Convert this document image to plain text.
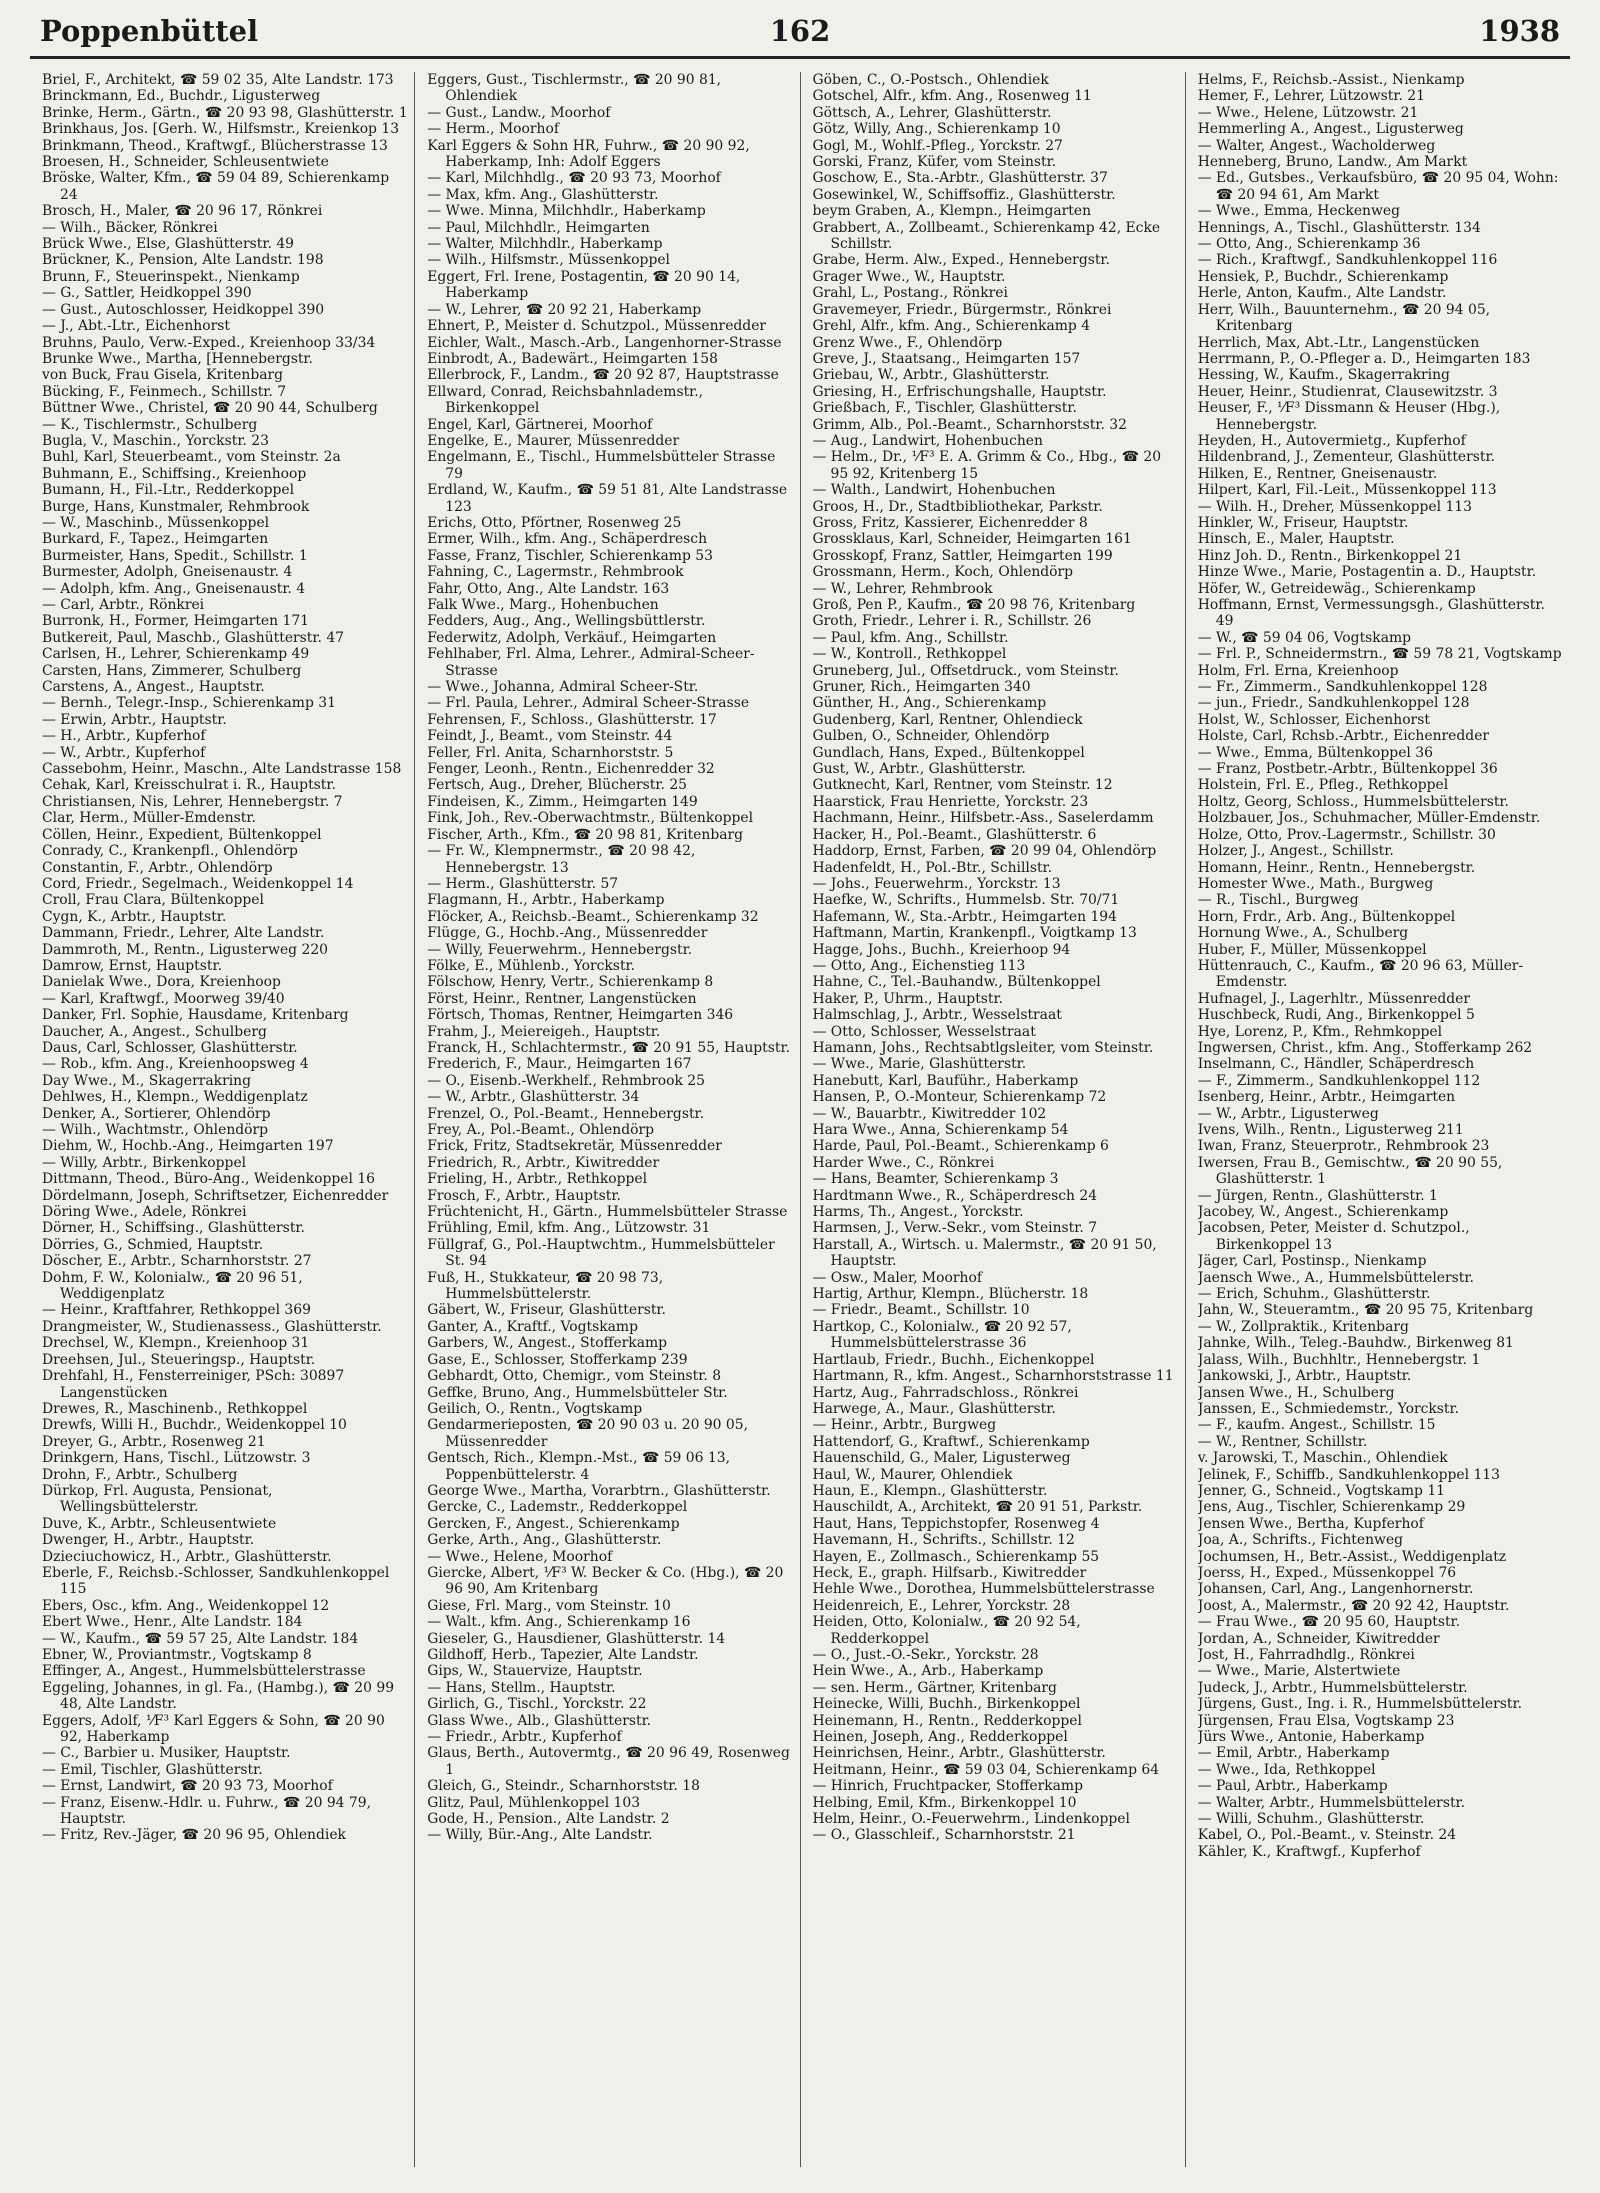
Poppenbüttel	162	1938
Briel, F., Architekt, ☎ 59 02 35, Alte Landstr. 173
Brinckmann, Ed., Buchdr., Ligusterweg
Brinke, Herm., Gärtn., ☎ 20 93 98, Glashütterstr. 1
Brinkhaus, Jos. [Gerh. W., Hilfsmstr., Kreienkop 13
Brinkmann, Theod., Kraftwgf., Blücherstrasse 13
Broesen, H., Schneider, Schleusentwiete
Bröske, Walter, Kfm., ☎ 59 04 89, Schierenkamp 24
Brosch, H., Maler, ☎ 20 96 17, Rönkrei
— Wilh., Bäcker, Rönkrei
Brück Wwe., Else, Glashütterstr. 49
Brückner, K., Pension, Alte Landstr. 198
Brunn, F., Steuerinspekt., Nienkamp
— G., Sattler, Heidkoppel 390
— Gust., Autoschlosser, Heidkoppel 390
— J., Abt.-Ltr., Eichenhorst
Bruhns, Paulo, Verw.-Exped., Kreienhoop 33/34
Brunke Wwe., Martha, [Hennebergstr.
von Buck, Frau Gisela, Kritenbarg
Bücking, F., Feinmech., Schillstr. 7
Büttner Wwe., Christel, ☎ 20 90 44, Schulberg
— K., Tischlermstr., Schulberg
Bugla, V., Maschin., Yorckstr. 23
Buhl, Karl, Steuerbeamt., vom Steinstr. 2a
Buhmann, E., Schiffsing., Kreienhoop
Bumann, H., Fil.-Ltr., Redderkoppel
Burge, Hans, Kunstmaler, Rehmbrook
— W., Maschinb., Müssenkoppel
Burkard, F., Tapez., Heimgarten
Burmeister, Hans, Spedit., Schillstr. 1
Burmester, Adolph, Gneisenaustr. 4
— Adolph, kfm. Ang., Gneisenaustr. 4
— Carl, Arbtr., Rönkrei
Burronk, H., Former, Heimgarten 171
Butkereit, Paul, Maschb., Glashütterstr. 47
Carlsen, H., Lehrer, Schierenkamp 49
Carsten, Hans, Zimmerer, Schulberg
Carstens, A., Angest., Hauptstr.
— Bernh., Telegr.-Insp., Schierenkamp 31
— Erwin, Arbtr., Hauptstr.
— H., Arbtr., Kupferhof
— W., Arbtr., Kupferhof
Cassebohm, Heinr., Maschn., Alte Landstrasse 158
Cehak, Karl, Kreisschulrat i. R., Hauptstr.
Christiansen, Nis, Lehrer, Hennebergstr. 7
Clar, Herm., Müller-Emdenstr.
Cöllen, Heinr., Expedient, Bültenkoppel
Conrady, C., Krankenpfl., Ohlendörp
Constantin, F., Arbtr., Ohlendörp
Cord, Friedr., Segelmach., Weidenkoppel 14
Croll, Frau Clara, Bültenkoppel
Cygn, K., Arbtr., Hauptstr.
Dammann, Friedr., Lehrer, Alte Landstr.
Dammroth, M., Rentn., Ligusterweg 220
Damrow, Ernst, Hauptstr.
Danielak Wwe., Dora, Kreienhoop
— Karl, Kraftwgf., Moorweg 39/40
Danker, Frl. Sophie, Hausdame, Kritenbarg
Daucher, A., Angest., Schulberg
Daus, Carl, Schlosser, Glashütterstr.
— Rob., kfm. Ang., Kreienhoopsweg 4
Day Wwe., M., Skagerrakring
Dehlwes, H., Klempn., Weddigenplatz
Denker, A., Sortierer, Ohlendörp
— Wilh., Wachtmstr., Ohlendörp
Diehm, W., Hochb.-Ang., Heimgarten 197
— Willy, Arbtr., Birkenkoppel
Dittmann, Theod., Büro-Ang., Weidenkoppel 16
Dördelmann, Joseph, Schriftsetzer, Eichenredder
Döring Wwe., Adele, Rönkrei
Dörner, H., Schiffsing., Glashütterstr.
Dörries, G., Schmied, Hauptstr.
Döscher, E., Arbtr., Scharnhorststr. 27
Dohm, F. W., Kolonialw., ☎ 20 96 51, Weddigenplatz
— Heinr., Kraftfahrer, Rethkoppel 369
Drangmeister, W., Studienassess., Glashütterstr.
Drechsel, W., Klempn., Kreienhoop 31
Dreehsen, Jul., Steueringsp., Hauptstr.
Drehfahl, H., Fensterreiniger, PSch: 30897 Langenstücken
Drewes, R., Maschinenb., Rethkoppel
Drewfs, Willi H., Buchdr., Weidenkoppel 10
Dreyer, G., Arbtr., Rosenweg 21
Drinkgern, Hans, Tischl., Lützowstr. 3
Drohn, F., Arbtr., Schulberg
Dürkop, Frl. Augusta, Pensionat, Wellingsbüttelerstr.
Duve, K., Arbtr., Schleusentwiete
Dwenger, H., Arbtr., Hauptstr.
Dzieciuchowicz, H., Arbtr., Glashütterstr.
Eberle, F., Reichsb.-Schlosser, Sandkuhlenkoppel 115
Ebers, Osc., kfm. Ang., Weidenkoppel 12
Ebert Wwe., Henr., Alte Landstr. 184
— W., Kaufm., ☎ 59 57 25, Alte Landstr. 184
Ebner, W., Proviantmstr., Vogtskamp 8
Effinger, A., Angest., Hummelsbüttelerstrasse
Eggeling, Johannes, in gl. Fa., (Hambg.), ☎ 20 99 48, Alte Landstr.
Eggers, Adolf, ⅟F³ Karl Eggers & Sohn, ☎ 20 90 92, Haberkamp
— C., Barbier u. Musiker, Hauptstr.
— Emil, Tischler, Glashütterstr.
— Ernst, Landwirt, ☎ 20 93 73, Moorhof
— Franz, Eisenw.-Hdlr. u. Fuhrw., ☎ 20 94 79, Hauptstr.
— Fritz, Rev.-Jäger, ☎ 20 96 95, Ohlendiek
Eggers, Gust., Tischlermstr., ☎ 20 90 81, Ohlendiek
— Gust., Landw., Moorhof
— Herm., Moorhof
Karl Eggers & Sohn HR, Fuhrw., ☎ 20 90 92, Haberkamp, Inh: Adolf Eggers
— Karl, Milchhdlg., ☎ 20 93 73, Moorhof
— Max, kfm. Ang., Glashütterstr.
— Wwe. Minna, Milchhdlr., Haberkamp
— Paul, Milchhdlr., Heimgarten
— Walter, Milchhdlr., Haberkamp
— Wilh., Hilfsmstr., Müssenkoppel
Eggert, Frl. Irene, Postagentin, ☎ 20 90 14, Haberkamp
— W., Lehrer, ☎ 20 92 21, Haberkamp
Ehnert, P., Meister d. Schutzpol., Müssenredder
Eichler, Walt., Masch.-Arb., Langenhorner-Strasse
Einbrodt, A., Badewärt., Heimgarten 158
Ellerbrock, F., Landm., ☎ 20 92 87, Hauptstrasse
Ellward, Conrad, Reichsbahnlademstr., Birkenkoppel
Engel, Karl, Gärtnerei, Moorhof
Engelke, E., Maurer, Müssenredder
Engelmann, E., Tischl., Hummelsbütteler Strasse 79
Erdland, W., Kaufm., ☎ 59 51 81, Alte Landstrasse 123
Erichs, Otto, Pförtner, Rosenweg 25
Ermer, Wilh., kfm. Ang., Schäperdresch
Fasse, Franz, Tischler, Schierenkamp 53
Fahning, C., Lagermstr., Rehmbrook
Fahr, Otto, Ang., Alte Landstr. 163
Falk Wwe., Marg., Hohenbuchen
Fedders, Aug., Ang., Wellingsbüttlerstr.
Federwitz, Adolph, Verkäuf., Heimgarten
Fehlhaber, Frl. Alma, Lehrer., Admiral-Scheer-Strasse
— Wwe., Johanna, Admiral Scheer-Str.
— Frl. Paula, Lehrer., Admiral Scheer-Strasse
Fehrensen, F., Schloss., Glashütterstr. 17
Feindt, J., Beamt., vom Steinstr. 44
Feller, Frl. Anita, Scharnhorststr. 5
Fenger, Leonh., Rentn., Eichenredder 32
Fertsch, Aug., Dreher, Blücherstr. 25
Findeisen, K., Zimm., Heimgarten 149
Fink, Joh., Rev.-Oberwachtmstr., Bültenkoppel
Fischer, Arth., Kfm., ☎ 20 98 81, Kritenbarg
— Fr. W., Klempnermstr., ☎ 20 98 42, Hennebergstr. 13
— Herm., Glashütterstr. 57
Flagmann, H., Arbtr., Haberkamp
Flöcker, A., Reichsb.-Beamt., Schierenkamp 32
Flügge, G., Hochb.-Ang., Müssenredder
— Willy, Feuerwehrm., Hennebergstr.
Fölke, E., Mühlenb., Yorckstr.
Fölschow, Henry, Vertr., Schierenkamp 8
Först, Heinr., Rentner, Langenstücken
Förtsch, Thomas, Rentner, Heimgarten 346
Frahm, J., Meiereigeh., Hauptstr.
Franck, H., Schlachtermstr., ☎ 20 91 55, Hauptstr.
Frederich, F., Maur., Heimgarten 167
— O., Eisenb.-Werkhelf., Rehmbrook 25
— W., Arbtr., Glashütterstr. 34
Frenzel, O., Pol.-Beamt., Hennebergstr.
Frey, A., Pol.-Beamt., Ohlendörp
Frick, Fritz, Stadtsekretär, Müssenredder
Friedrich, R., Arbtr., Kiwitredder
Frieling, H., Arbtr., Rethkoppel
Frosch, F., Arbtr., Hauptstr.
Früchtenicht, H., Gärtn., Hummelsbütteler Strasse
Frühling, Emil, kfm. Ang., Lützowstr. 31
Füllgraf, G., Pol.-Hauptwchtm., Hummelsbütteler St. 94
Fuß, H., Stukkateur, ☎ 20 98 73, Hummelsbüttelerstr.
Gäbert, W., Friseur, Glashütterstr.
Ganter, A., Kraftf., Vogtskamp
Garbers, W., Angest., Stofferkamp
Gase, E., Schlosser, Stofferkamp 239
Gebhardt, Otto, Chemigr., vom Steinstr. 8
Geffke, Bruno, Ang., Hummelsbütteler Str.
Geilich, O., Rentn., Vogtskamp
Gendarmerieposten, ☎ 20 90 03 u. 20 90 05, Müssenredder
Gentsch, Rich., Klempn.-Mst., ☎ 59 06 13, Poppenbüttelerstr. 4
George Wwe., Martha, Vorarbtrn., Glashütterstr.
Gercke, C., Lademstr., Redderkoppel
Gercken, F., Angest., Schierenkamp
Gerke, Arth., Ang., Glashütterstr.
— Wwe., Helene, Moorhof
Giercke, Albert, ⅟F³ W. Becker & Co. (Hbg.), ☎ 20 96 90, Am Kritenbarg
Giese, Frl. Marg., vom Steinstr. 10
— Walt., kfm. Ang., Schierenkamp 16
Gieseler, G., Hausdiener, Glashütterstr. 14
Gildhoff, Herb., Tapezier, Alte Landstr.
Gips, W., Stauervize, Hauptstr.
— Hans, Stellm., Hauptstr.
Girlich, G., Tischl., Yorckstr. 22
Glass Wwe., Alb., Glashütterstr.
— Friedr., Arbtr., Kupferhof
Glaus, Berth., Autovermtg., ☎ 20 96 49, Rosenweg 1
Gleich, G., Steindr., Scharnhorststr. 18
Glitz, Paul, Mühlenkoppel 103
Gode, H., Pension., Alte Landstr. 2
— Willy, Bür.-Ang., Alte Landstr.
Göben, C., O.-Postsch., Ohlendiek
Gotschel, Alfr., kfm. Ang., Rosenweg 11
Göttsch, A., Lehrer, Glashütterstr.
Götz, Willy, Ang., Schierenkamp 10
Gogl, M., Wohlf.-Pfleg., Yorckstr. 27
Gorski, Franz, Küfer, vom Steinstr.
Goschow, E., Sta.-Arbtr., Glashütterstr. 37
Gosewinkel, W., Schiffsoffiz., Glashütterstr.
beym Graben, A., Klempn., Heimgarten
Grabbert, A., Zollbeamt., Schierenkamp 42, Ecke Schillstr.
Grabe, Herm. Alw., Exped., Hennebergstr.
Grager Wwe., W., Hauptstr.
Grahl, L., Postang., Rönkrei
Gravemeyer, Friedr., Bürgermstr., Rönkrei
Grehl, Alfr., kfm. Ang., Schierenkamp 4
Grenz Wwe., F., Ohlendörp
Greve, J., Staatsang., Heimgarten 157
Griebau, W., Arbtr., Glashütterstr.
Griesing, H., Erfrischungshalle, Hauptstr.
Grießbach, F., Tischler, Glashütterstr.
Grimm, Alb., Pol.-Beamt., Scharnhorststr. 32
— Aug., Landwirt, Hohenbuchen
— Helm., Dr., ⅟F³ E. A. Grimm & Co., Hbg., ☎ 20 95 92, Kritenberg 15
— Walth., Landwirt, Hohenbuchen
Groos, H., Dr., Stadtbibliothekar, Parkstr.
Gross, Fritz, Kassierer, Eichenredder 8
Grossklaus, Karl, Schneider, Heimgarten 161
Grosskopf, Franz, Sattler, Heimgarten 199
Grossmann, Herm., Koch, Ohlendörp
— W., Lehrer, Rehmbrook
Groß, Pen P., Kaufm., ☎ 20 98 76, Kritenbarg
Groth, Friedr., Lehrer i. R., Schillstr. 26
— Paul, kfm. Ang., Schillstr.
— W., Kontroll., Rethkoppel
Gruneberg, Jul., Offsetdruck., vom Steinstr.
Gruner, Rich., Heimgarten 340
Günther, H., Ang., Schierenkamp
Gudenberg, Karl, Rentner, Ohlendieck
Gulben, O., Schneider, Ohlendörp
Gundlach, Hans, Exped., Bültenkoppel
Gust, W., Arbtr., Glashütterstr.
Gutknecht, Karl, Rentner, vom Steinstr. 12
Haarstick, Frau Henriette, Yorckstr. 23
Hachmann, Heinr., Hilfsbetr.-Ass., Saselerdamm
Hacker, H., Pol.-Beamt., Glashütterstr. 6
Haddorp, Ernst, Farben, ☎ 20 99 04, Ohlendörp
Hadenfeldt, H., Pol.-Btr., Schillstr.
— Johs., Feuerwehrm., Yorckstr. 13
Haefke, W., Schrifts., Hummelsb. Str. 70/71
Hafemann, W., Sta.-Arbtr., Heimgarten 194
Haftmann, Martin, Krankenpfl., Voigtkamp 13
Hagge, Johs., Buchh., Kreierhoop 94
— Otto, Ang., Eichenstieg 113
Hahne, C., Tel.-Bauhandw., Bültenkoppel
Haker, P., Uhrm., Hauptstr.
Halmschlag, J., Arbtr., Wesselstraat
— Otto, Schlosser, Wesselstraat
Hamann, Johs., Rechtsabtlgsleiter, vom Steinstr.
— Wwe., Marie, Glashütterstr.
Hanebutt, Karl, Bauführ., Haberkamp
Hansen, P., O.-Monteur, Schierenkamp 72
— W., Bauarbtr., Kiwitredder 102
Hara Wwe., Anna, Schierenkamp 54
Harde, Paul, Pol.-Beamt., Schierenkamp 6
Harder Wwe., C., Rönkrei
— Hans, Beamter, Schierenkamp 3
Hardtmann Wwe., R., Schäperdresch 24
Harms, Th., Angest., Yorckstr.
Harmsen, J., Verw.-Sekr., vom Steinstr. 7
Harstall, A., Wirtsch. u. Malermstr., ☎ 20 91 50, Hauptstr.
— Osw., Maler, Moorhof
Hartig, Arthur, Klempn., Blücherstr. 18
— Friedr., Beamt., Schillstr. 10
Hartkop, C., Kolonialw., ☎ 20 92 57, Hummelsbüttelerstrasse 36
Hartlaub, Friedr., Buchh., Eichenkoppel
Hartmann, R., kfm. Angest., Scharnhorststrasse 11
Hartz, Aug., Fahrradschloss., Rönkrei
Harwege, A., Maur., Glashütterstr.
— Heinr., Arbtr., Burgweg
Hattendorf, G., Kraftwf., Schierenkamp
Hauenschild, G., Maler, Ligusterweg
Haul, W., Maurer, Ohlendiek
Haun, E., Klempn., Glashütterstr.
Hauschildt, A., Architekt, ☎ 20 91 51, Parkstr.
Haut, Hans, Teppichstopfer, Rosenweg 4
Havemann, H., Schrifts., Schillstr. 12
Hayen, E., Zollmasch., Schierenkamp 55
Heck, E., graph. Hilfsarb., Kiwitredder
Hehle Wwe., Dorothea, Hummelsbüttelerstrasse
Heidenreich, E., Lehrer, Yorckstr. 28
Heiden, Otto, Kolonialw., ☎ 20 92 54, Redderkoppel
— O., Just.-O.-Sekr., Yorckstr. 28
Hein Wwe., A., Arb., Haberkamp
— sen. Herm., Gärtner, Kritenbarg
Heinecke, Willi, Buchh., Birkenkoppel
Heinemann, H., Rentn., Redderkoppel
Heinen, Joseph, Ang., Redderkoppel
Heinrichsen, Heinr., Arbtr., Glashütterstr.
Heitmann, Heinr., ☎ 59 03 04, Schierenkamp 64
— Hinrich, Fruchtpacker, Stofferkamp
Helbing, Emil, Kfm., Birkenkoppel 10
Helm, Heinr., O.-Feuerwehrm., Lindenkoppel
— O., Glasschleif., Scharnhorststr. 21
Helms, F., Reichsb.-Assist., Nienkamp
Hemer, F., Lehrer, Lützowstr. 21
— Wwe., Helene, Lützowstr. 21
Hemmerling A., Angest., Ligusterweg
— Walter, Angest., Wacholderweg
Henneberg, Bruno, Landw., Am Markt
— Ed., Gutsbes., Verkaufsbüro, ☎ 20 95 04, Wohn: ☎ 20 94 61, Am Markt
— Wwe., Emma, Heckenweg
Hennings, A., Tischl., Glashütterstr. 134
— Otto, Ang., Schierenkamp 36
— Rich., Kraftwgf., Sandkuhlenkoppel 116
Hensiek, P., Buchdr., Schierenkamp
Herle, Anton, Kaufm., Alte Landstr.
Herr, Wilh., Bauunternehm., ☎ 20 94 05, Kritenbarg
Herrlich, Max, Abt.-Ltr., Langenstücken
Herrmann, P., O.-Pfleger a. D., Heimgarten 183
Hessing, W., Kaufm., Skagerrakring
Heuer, Heinr., Studienrat, Clausewitzstr. 3
Heuser, F., ⅟F³ Dissmann & Heuser (Hbg.), Hennebergstr.
Heyden, H., Autovermietg., Kupferhof
Hildenbrand, J., Zementeur, Glashütterstr.
Hilken, E., Rentner, Gneisenaustr.
Hilpert, Karl, Fil.-Leit., Müssenkoppel 113
— Wilh. H., Dreher, Müssenkoppel 113
Hinkler, W., Friseur, Hauptstr.
Hinsch, E., Maler, Hauptstr.
Hinz Joh. D., Rentn., Birkenkoppel 21
Hinze Wwe., Marie, Postagentin a. D., Hauptstr.
Höfer, W., Getreidewäg., Schierenkamp
Hoffmann, Ernst, Vermessungsgh., Glashütterstr. 49
— W., ☎ 59 04 06, Vogtskamp
— Frl. P., Schneidermstrn., ☎ 59 78 21, Vogtskamp
Holm, Frl. Erna, Kreienhoop
— Fr., Zimmerm., Sandkuhlenkoppel 128
— jun., Friedr., Sandkuhlenkoppel 128
Holst, W., Schlosser, Eichenhorst
Holste, Carl, Rchsb.-Arbtr., Eichenredder
— Wwe., Emma, Bültenkoppel 36
— Franz, Postbetr.-Arbtr., Bültenkoppel 36
Holstein, Frl. E., Pfleg., Rethkoppel
Holtz, Georg, Schloss., Hummelsbüttelerstr.
Holzbauer, Jos., Schuhmacher, Müller-Emdenstr.
Holze, Otto, Prov.-Lagermstr., Schillstr. 30
Holzer, J., Angest., Schillstr.
Homann, Heinr., Rentn., Hennebergstr.
Homester Wwe., Math., Burgweg
— R., Tischl., Burgweg
Horn, Frdr., Arb. Ang., Bültenkoppel
Hornung Wwe., A., Schulberg
Huber, F., Müller, Müssenkoppel
Hüttenrauch, C., Kaufm., ☎ 20 96 63, Müller-Emdenstr.
Hufnagel, J., Lagerhltr., Müssenredder
Huschbeck, Rudi, Ang., Birkenkoppel 5
Hye, Lorenz, P., Kfm., Rehmkoppel
Ingwersen, Christ., kfm. Ang., Stofferkamp 262
Inselmann, C., Händler, Schäperdresch
— F., Zimmerm., Sandkuhlenkoppel 112
Isenberg, Heinr., Arbtr., Heimgarten
— W., Arbtr., Ligusterweg
Ivens, Wilh., Rentn., Ligusterweg 211
Iwan, Franz, Steuerprotr., Rehmbrook 23
Iwersen, Frau B., Gemischtw., ☎ 20 90 55, Glashütterstr. 1
— Jürgen, Rentn., Glashütterstr. 1
Jacobey, W., Angest., Schierenkamp
Jacobsen, Peter, Meister d. Schutzpol., Birkenkoppel 13
Jäger, Carl, Postinsp., Nienkamp
Jaensch Wwe., A., Hummelsbüttelerstr.
— Erich, Schuhm., Glashütterstr.
Jahn, W., Steueramtm., ☎ 20 95 75, Kritenbarg
— W., Zollpraktik., Kritenbarg
Jahnke, Wilh., Teleg.-Bauhdw., Birkenweg 81
Jalass, Wilh., Buchhltr., Hennebergstr. 1
Jankowski, J., Arbtr., Hauptstr.
Jansen Wwe., H., Schulberg
Janssen, E., Schmiedemstr., Yorckstr.
— F., kaufm. Angest., Schillstr. 15
— W., Rentner, Schillstr.
v. Jarowski, T., Maschin., Ohlendiek
Jelinek, F., Schiffb., Sandkuhlenkoppel 113
Jenner, G., Schneid., Vogtskamp 11
Jens, Aug., Tischler, Schierenkamp 29
Jensen Wwe., Bertha, Kupferhof
Joa, A., Schrifts., Fichtenweg
Jochumsen, H., Betr.-Assist., Weddigenplatz
Joerss, H., Exped., Müssenkoppel 76
Johansen, Carl, Ang., Langenhornerstr.
Joost, A., Malermstr., ☎ 20 92 42, Hauptstr.
— Frau Wwe., ☎ 20 95 60, Hauptstr.
Jordan, A., Schneider, Kiwitredder
Jost, H., Fahrradhdlg., Rönkrei
— Wwe., Marie, Alstertwiete
Judeck, J., Arbtr., Hummelsbüttelerstr.
Jürgens, Gust., Ing. i. R., Hummelsbüttelerstr.
Jürgensen, Frau Elsa, Vogtskamp 23
Jürs Wwe., Antonie, Haberkamp
— Emil, Arbtr., Haberkamp
— Wwe., Ida, Rethkoppel
— Paul, Arbtr., Haberkamp
— Walter, Arbtr., Hummelsbüttelerstr.
— Willi, Schuhm., Glashütterstr.
Kabel, O., Pol.-Beamt., v. Steinstr. 24
Kähler, K., Kraftwgf., Kupferhof
